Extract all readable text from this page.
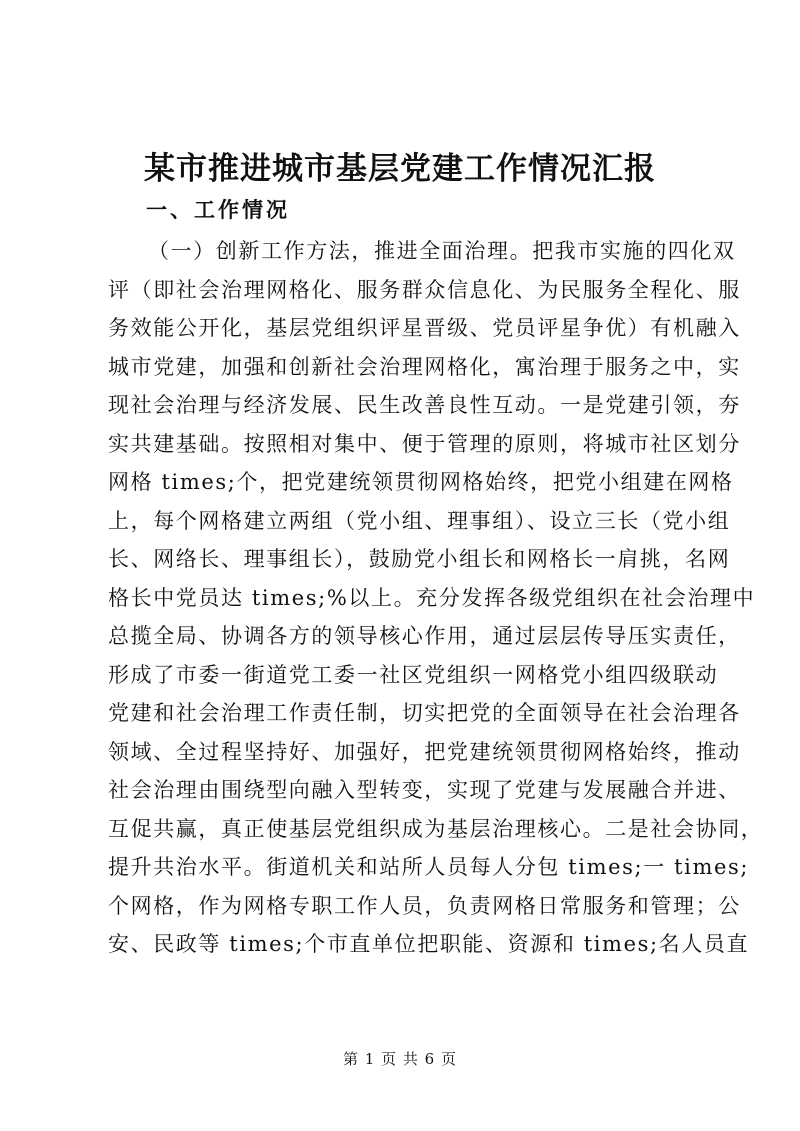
某市推进城市基层党建工作情况汇报
一、工作情况
（一）创新工作方法，推进全面治理。把我市实施的四化双
评（即社会治理网格化、服务群众信息化、为民服务全程化、服
务效能公开化，基层党组织评星晋级、党员评星争优）有机融入
城市党建，加强和创新社会治理网格化，寓治理于服务之中，实
现社会治理与经济发展、民生改善良性互动。一是党建引领，夯
实共建基础。按照相对集中、便于管理的原则，将城市社区划分
网格 times;个，把党建统领贯彻网格始终，把党小组建在网格
上，每个网格建立两组（党小组、理事组）、设立三长（党小组
长、网络长、理事组长），鼓励党小组长和网格长一肩挑，名网
格长中党员达 times;%以上。充分发挥各级党组织在社会治理中
总揽全局、协调各方的领导核心作用，通过层层传导压实责任，
形成了市委一街道党工委一社区党组织一网格党小组四级联动
党建和社会治理工作责任制，切实把党的全面领导在社会治理各
领域、全过程坚持好、加强好，把党建统领贯彻网格始终，推动
社会治理由围绕型向融入型转变，实现了党建与发展融合并进、
互促共赢，真正使基层党组织成为基层治理核心。二是社会协同，
提升共治水平。街道机关和站所人员每人分包 times;一 times;
个网格，作为网格专职工作人员，负责网格日常服务和管理；公
安、民政等 times;个市直单位把职能、资源和 times;名人员直
第 1 页 共 6 页
